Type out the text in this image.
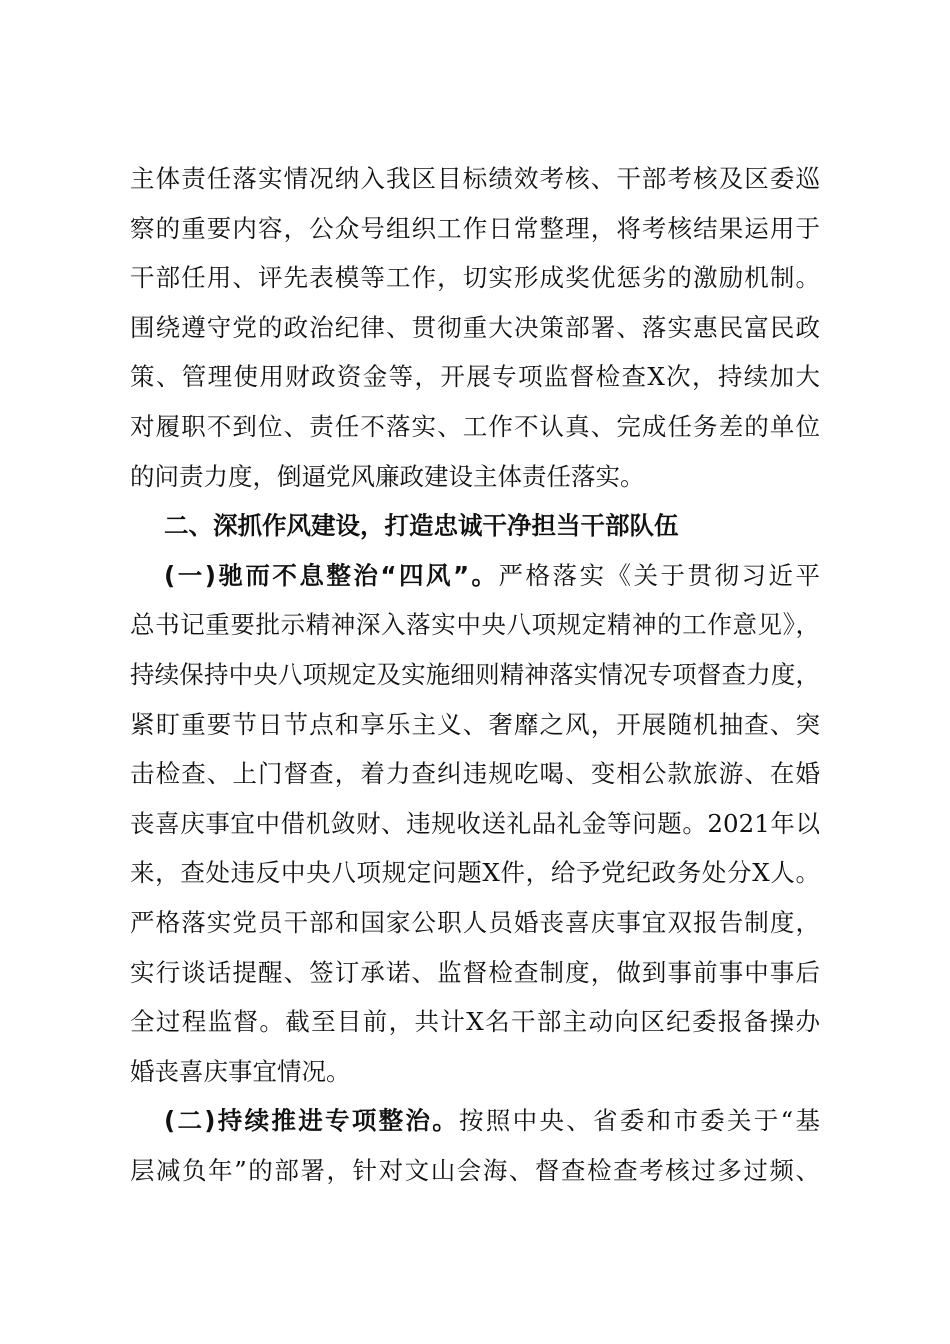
主体责任落实情况纳入我区目标绩效考核、干部考核及区委巡
察的重要内容，公众号组织工作日常整理，将考核结果运用于
干部任用、评先表模等工作，切实形成奖优惩劣的激励机制。
围绕遵守党的政治纪律、贯彻重大决策部署、落实惠民富民政
策、管理使用财政资金等，开展专项监督检查X次，持续加大
对履职不到位、责任不落实、工作不认真、完成任务差的单位
的问责力度，倒逼党风廉政建设主体责任落实。
二、深抓作风建设，打造忠诚干净担当干部队伍
(一)驰而不息整治“四风”。严格落实《关于贯彻习近平
总书记重要批示精神深入落实中央八项规定精神的工作意见》，
持续保持中央八项规定及实施细则精神落实情况专项督查力度，
紧盯重要节日节点和享乐主义、奢靡之风，开展随机抽查、突
击检查、上门督查，着力查纠违规吃喝、变相公款旅游、在婚
丧喜庆事宜中借机敛财、违规收送礼品礼金等问题。2021年以
来，查处违反中央八项规定问题X件，给予党纪政务处分X人。
严格落实党员干部和国家公职人员婚丧喜庆事宜双报告制度，
实行谈话提醒、签订承诺、监督检查制度，做到事前事中事后
全过程监督。截至目前，共计X名干部主动向区纪委报备操办
婚丧喜庆事宜情况。
(二)持续推进专项整治。按照中央、省委和市委关于“基
层减负年”的部署，针对文山会海、督查检查考核过多过频、
